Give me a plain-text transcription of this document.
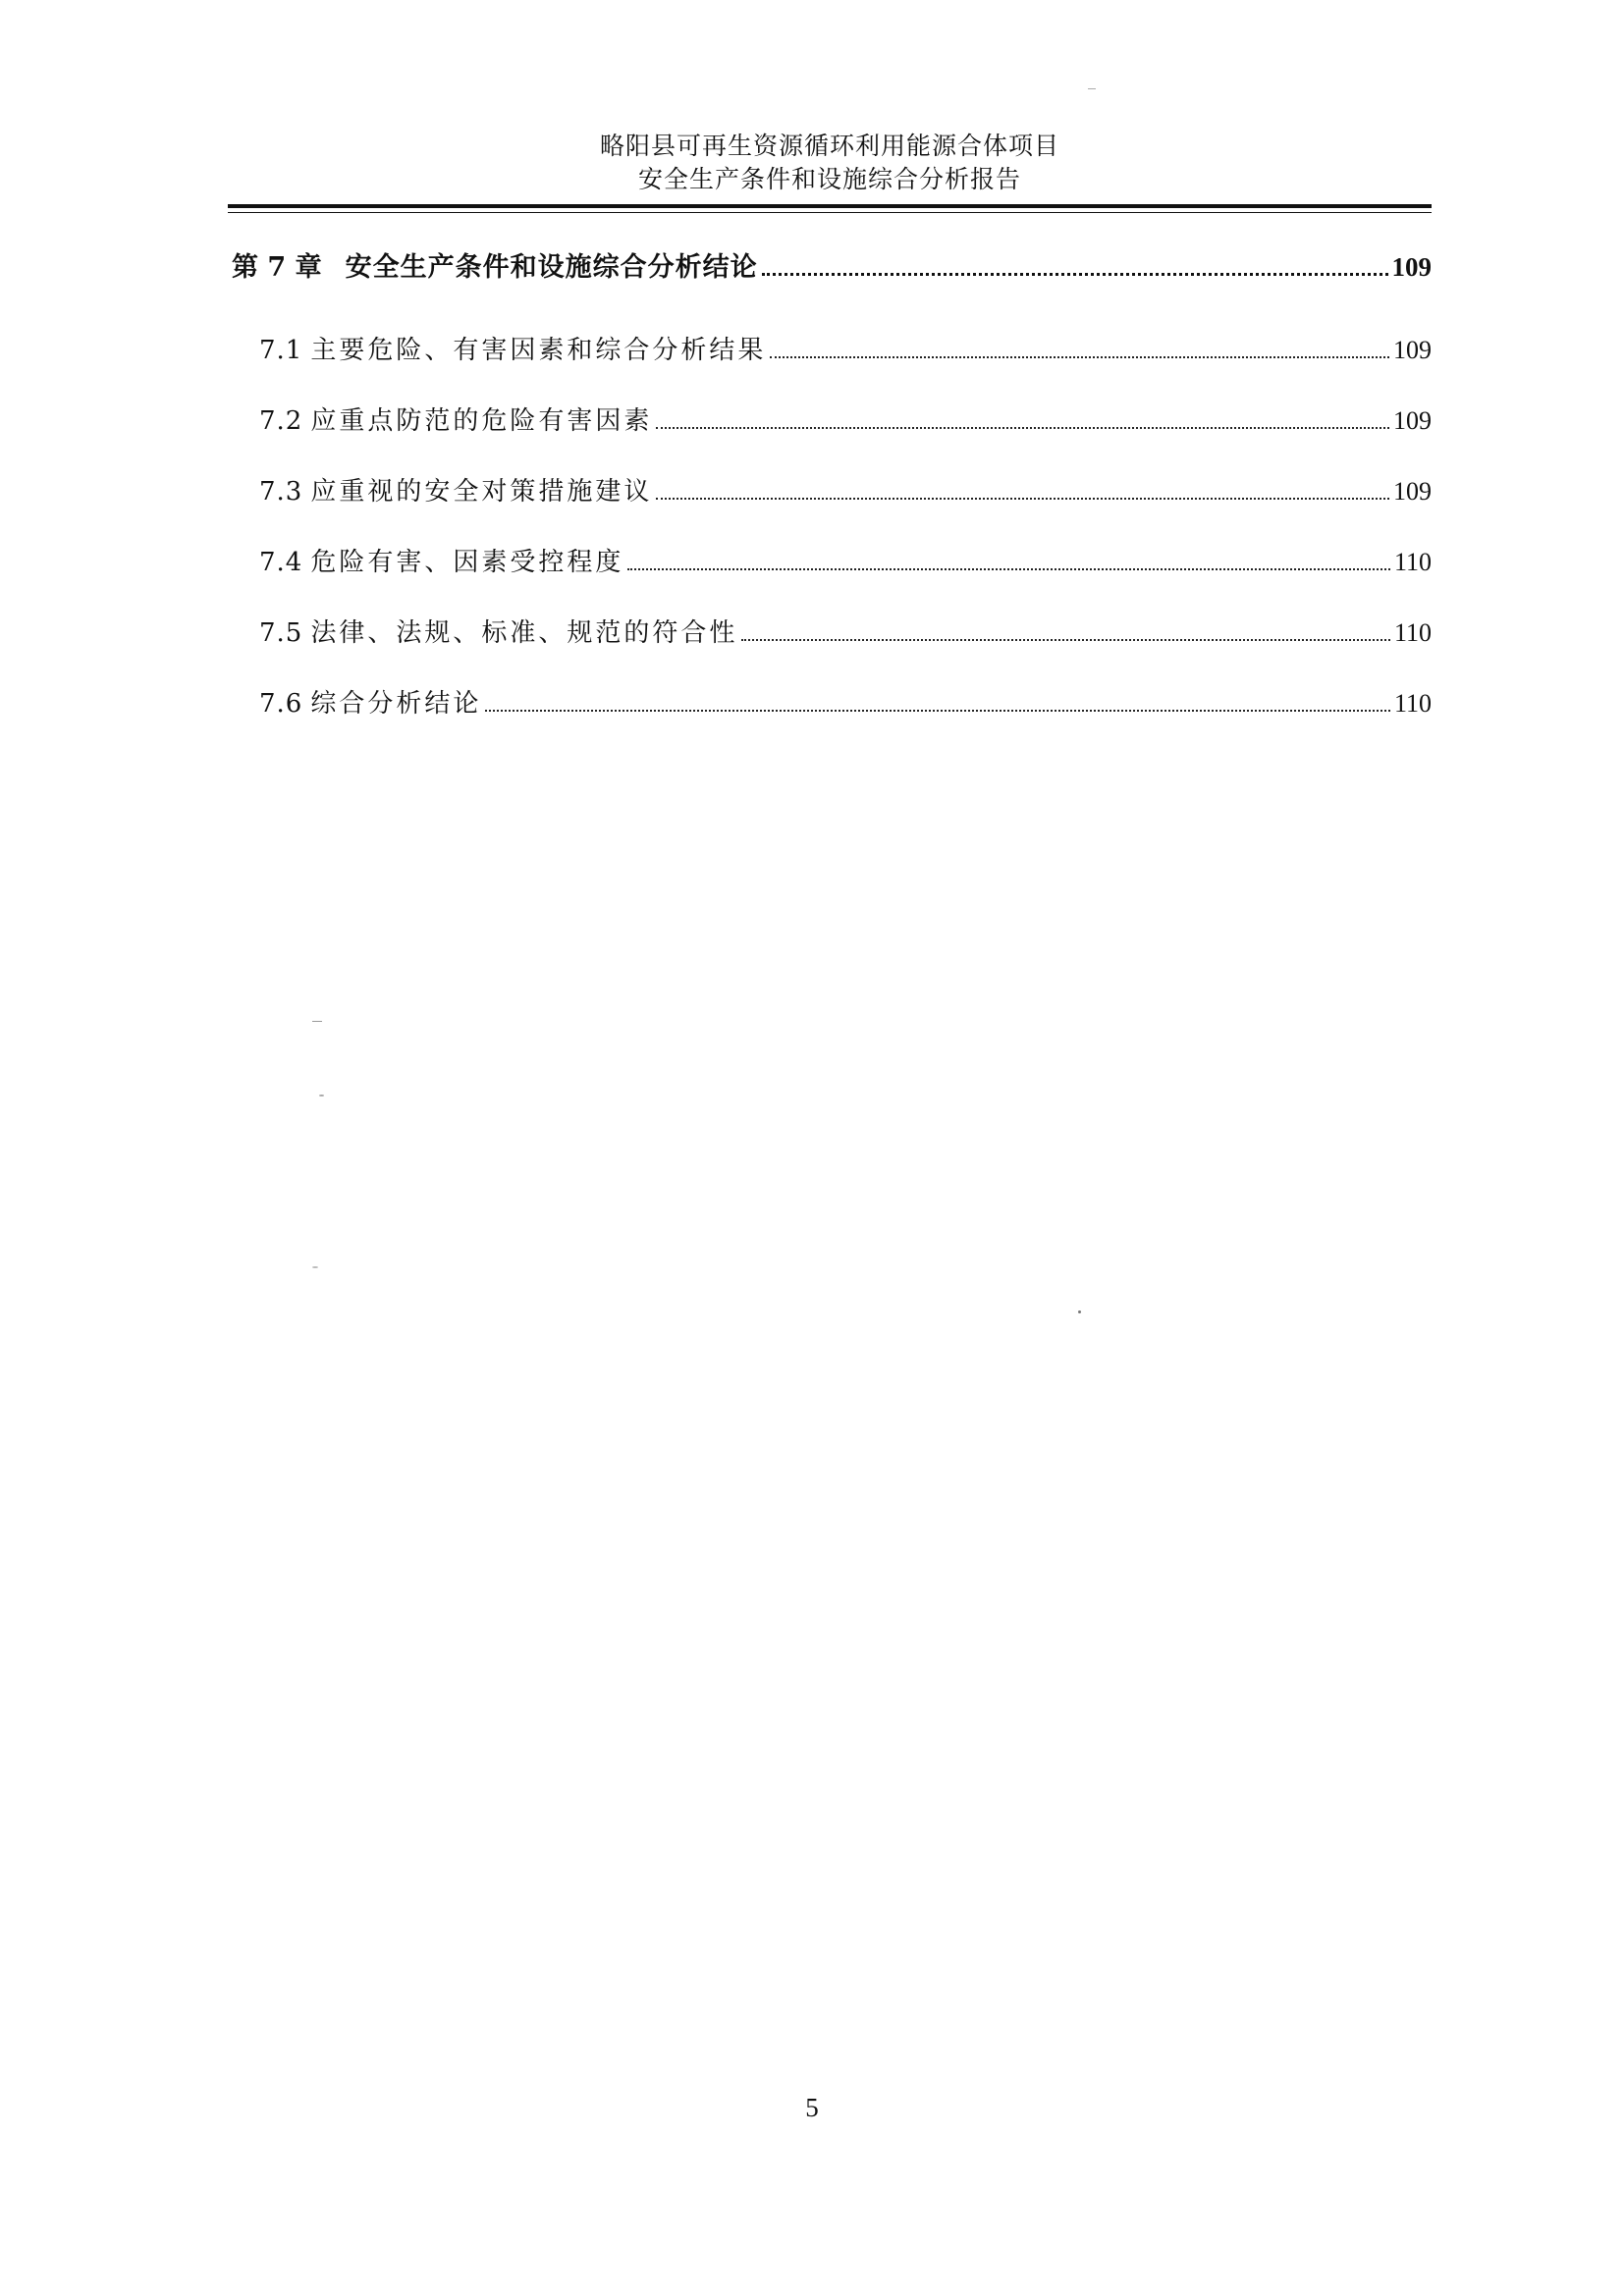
略阳县可再生资源循环利用能源合体项目
安全生产条件和设施综合分析报告
第 7 章 安全生产条件和设施综合分析结论	109
7.1 主要危险、有害因素和综合分析结果	109
7.2 应重点防范的危险有害因素	109
7.3 应重视的安全对策措施建议	109
7.4 危险有害、因素受控程度	110
7.5 法律、法规、标准、规范的符合性	110
7.6 综合分析结论	110
5
